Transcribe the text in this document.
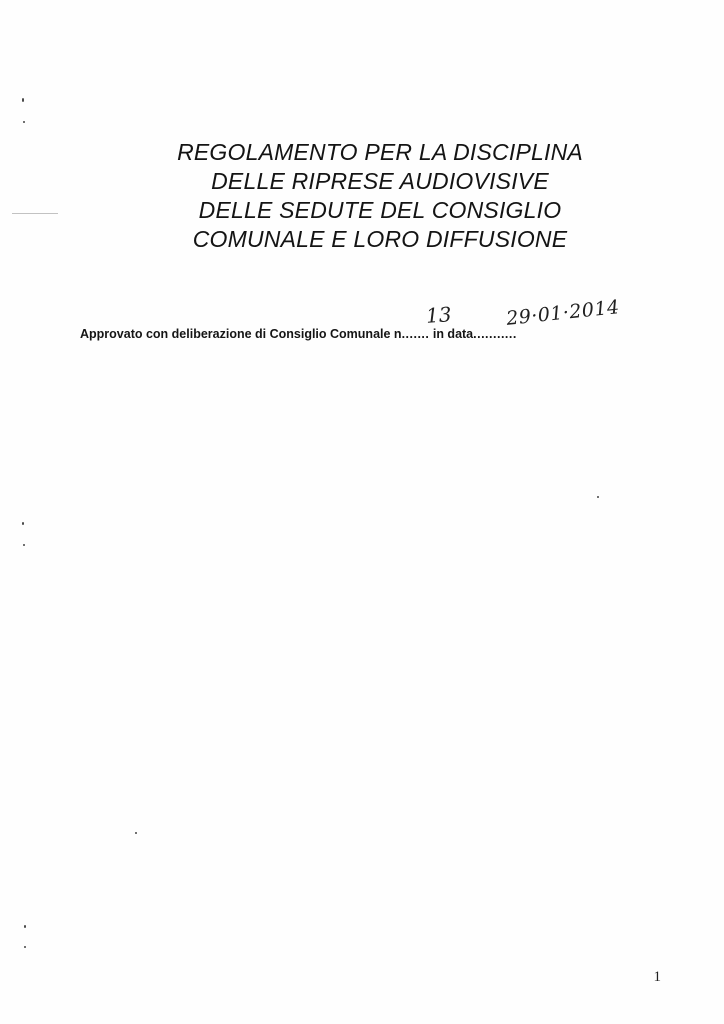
REGOLAMENTO PER LA DISCIPLINA
DELLE RIPRESE AUDIOVISIVE
DELLE SEDUTE DEL CONSIGLIO
COMUNALE E LORO DIFFUSIONE
Approvato con deliberazione di Consiglio Comunale n....... in data...........
13	29·01·2014
1
